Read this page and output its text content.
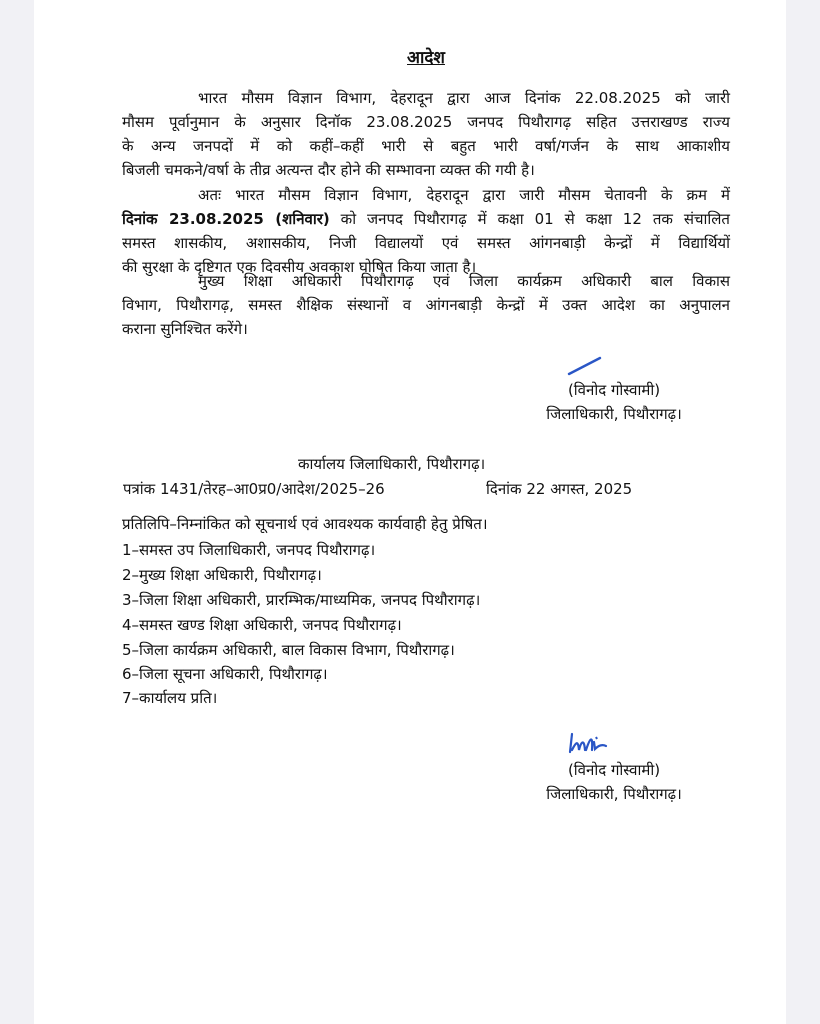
आदेश
भारत मौसम विज्ञान विभाग, देहरादून द्वारा आज दिनांक 22.08.2025 को जारी
मौसम पूर्वानुमान के अनुसार दिनॉक 23.08.2025 जनपद पिथौरागढ़ सहित उत्तराखण्ड राज्य
के अन्य जनपदों में को कहीं–कहीं भारी से बहुत भारी वर्षा/गर्जन के साथ आकाशीय
बिजली चमकने/वर्षा के तीव्र अत्यन्त दौर होने की सम्भावना व्यक्त की गयी है।
अतः भारत मौसम विज्ञान विभाग, देहरादून द्वारा जारी मौसम चेतावनी के क्रम में
दिनांक 23.08.2025 (शनिवार) को जनपद पिथौरागढ़ में कक्षा 01 से कक्षा 12 तक संचालित
समस्त शासकीय, अशासकीय, निजी विद्यालयों एवं समस्त आंगनबाड़ी केन्द्रों में विद्यार्थियों
की सुरक्षा के दृष्टिगत एक दिवसीय अवकाश घोषित किया जाता है।
मुख्य शिक्षा अधिकारी पिथौरागढ़ एवं जिला कार्यक्रम अधिकारी बाल विकास
विभाग, पिथौरागढ़, समस्त शैक्षिक संस्थानों व आंगनबाड़ी केन्द्रों में उक्त आदेश का अनुपालन
कराना सुनिश्चित करेंगे।
(विनोद गोस्वामी)
जिलाधिकारी, पिथौरागढ़।
कार्यालय जिलाधिकारी, पिथौरागढ़।
पत्रांक 1431/तेरह–आ0प्र0/आदेश/2025–26	दिनांक 22 अगस्त, 2025
प्रतिलिपि–निम्नांकित को सूचनार्थ एवं आवश्यक कार्यवाही हेतु प्रेषित।
1–समस्त उप जिलाधिकारी, जनपद पिथौरागढ़।
2–मुख्य शिक्षा अधिकारी, पिथौरागढ़।
3–जिला शिक्षा अधिकारी, प्रारम्भिक/माध्यमिक, जनपद पिथौरागढ़।
4–समस्त खण्ड शिक्षा अधिकारी, जनपद पिथौरागढ़।
5–जिला कार्यक्रम अधिकारी, बाल विकास विभाग, पिथौरागढ़।
6–जिला सूचना अधिकारी, पिथौरागढ़।
7–कार्यालय प्रति।
(विनोद गोस्वामी)
जिलाधिकारी, पिथौरागढ़।
